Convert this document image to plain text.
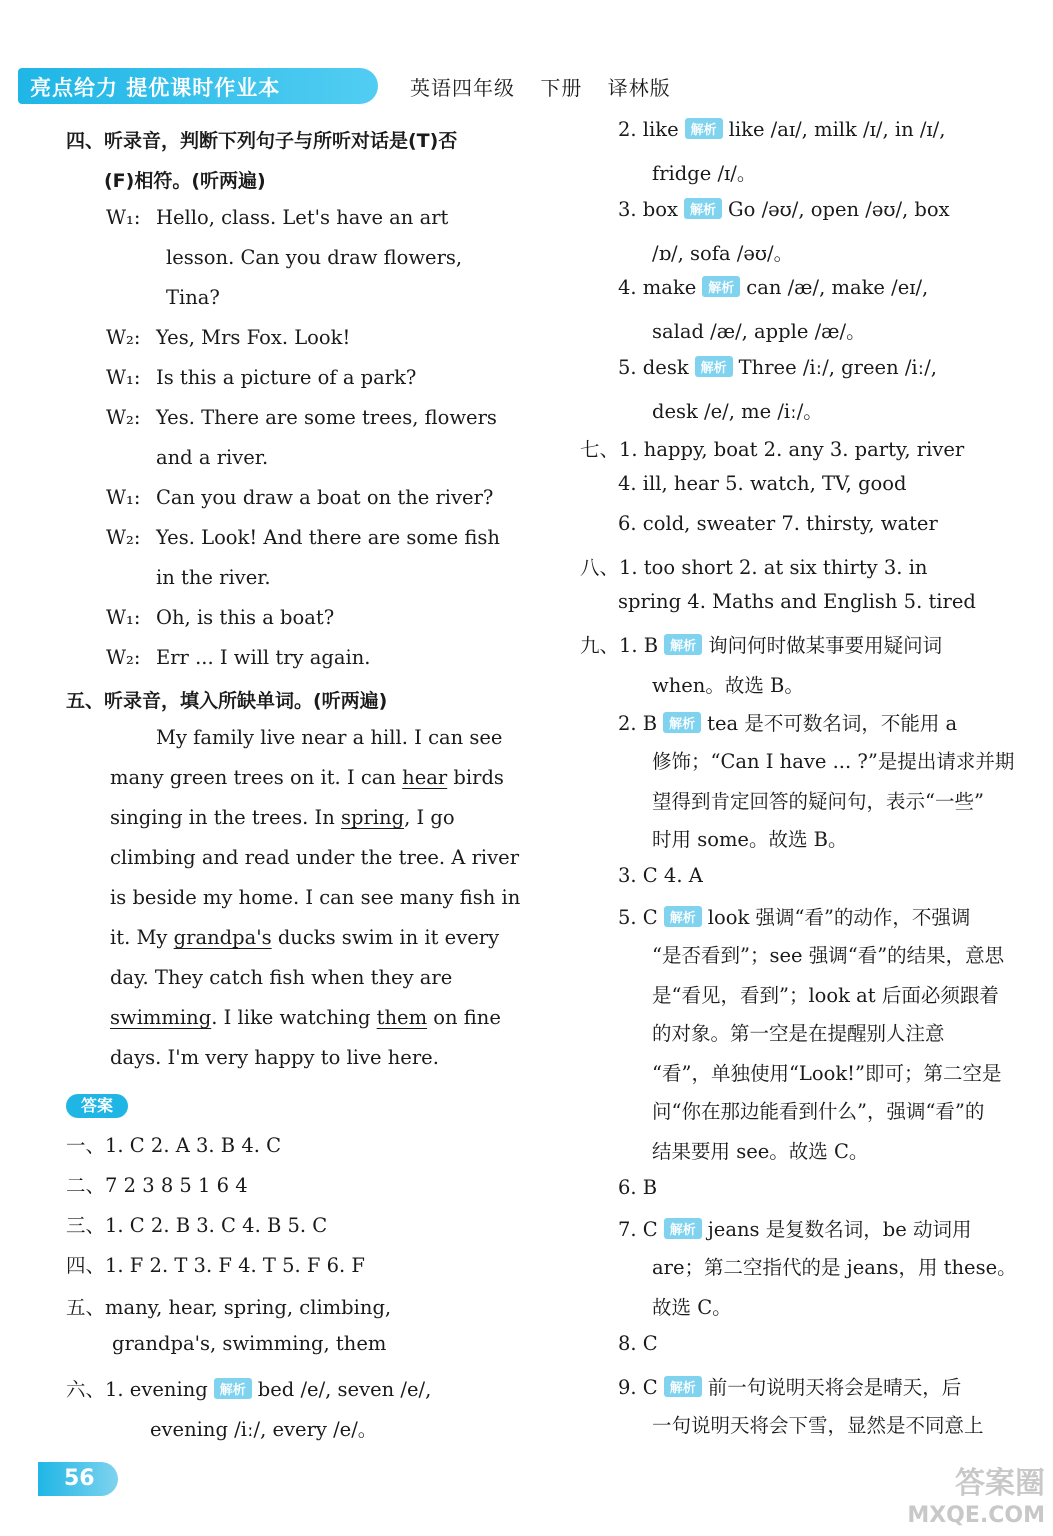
亮点给力 提优课时作业本	英语四年级 下册 译林版
四、听录音，判断下列句子与所听对话是(T)否
(F)相符。(听两遍)
W₁: Hello, class. Let's have an art
lesson. Can you draw flowers,
Tina?
W₂: Yes, Mrs Fox. Look!
W₁: Is this a picture of a park?
W₂: Yes. There are some trees, flowers
and a river.
W₁: Can you draw a boat on the river?
W₂: Yes. Look! And there are some fish
in the river.
W₁: Oh, is this a boat?
W₂: Err ... I will try again.
五、听录音，填入所缺单词。(听两遍)
My family live near a hill. I can see
many green trees on it. I can hear birds
singing in the trees. In spring, I go
climbing and read under the tree. A river
is beside my home. I can see many fish in
it. My grandpa's ducks swim in it every
day. They catch fish when they are
swimming. I like watching them on fine
days. I'm very happy to live here.
一、1. C 2. A 3. B 4. C
二、7 2 3 8 5 1 6 4
三、1. C 2. B 3. C 4. B 5. C
四、1. F 2. T 3. F 4. T 5. F 6. F
五、many, hear, spring, climbing,
grandpa's, swimming, them
六、1. evening 解析 bed /e/, seven /e/,
evening /iː/, every /e/。
答案
2. like 解析 like /aɪ/, milk /ɪ/, in /ɪ/,
fridge /ɪ/。
3. box 解析 Go /əʊ/, open /əʊ/, box
/ɒ/, sofa /əʊ/。
4. make 解析 can /æ/, make /eɪ/,
salad /æ/, apple /æ/。
5. desk 解析 Three /iː/, green /iː/,
desk /e/, me /iː/。
七、1. happy, boat 2. any 3. party, river
4. ill, hear 5. watch, TV, good
6. cold, sweater 7. thirsty, water
八、1. too short 2. at six thirty 3. in
spring 4. Maths and English 5. tired
九、1. B 解析 询问何时做某事要用疑问词
when。故选 B。
2. B 解析 tea 是不可数名词，不能用 a
修饰；“Can I have ... ?”是提出请求并期
望得到肯定回答的疑问句，表示“一些”
时用 some。故选 B。
3. C 4. A
5. C 解析 look 强调“看”的动作，不强调
“是否看到”；see 强调“看”的结果，意思
是“看见，看到”；look at 后面必须跟着
的对象。第一空是在提醒别人注意
“看”，单独使用“Look!”即可；第二空是
问“你在那边能看到什么”，强调“看”的
结果要用 see。故选 C。
6. B
7. C 解析 jeans 是复数名词，be 动词用
are；第二空指代的是 jeans，用 these。
故选 C。
8. C
9. C 解析 前一句说明天将会是晴天，后
一句说明天将会下雪，显然是不同意上
56	答案圈
MXQE.COM
